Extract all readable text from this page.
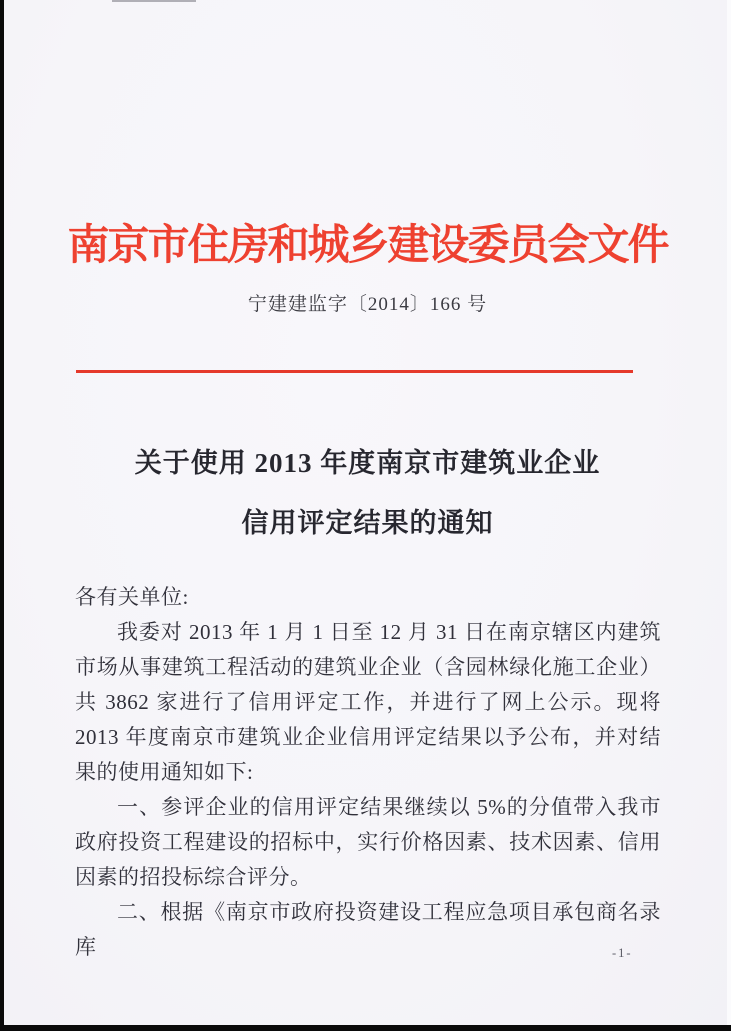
南京市住房和城乡建设委员会文件
宁建建监字〔2014〕166 号
关于使用 2013 年度南京市建筑业企业
信用评定结果的通知

各有关单位:

我委对 2013 年 1 月 1 日至 12 月 31 日在南京辖区内建筑市场从事建筑工程活动的建筑业企业（含园林绿化施工企业）共 3862 家进行了信用评定工作，并进行了网上公示。现将 2013 年度南京市建筑业企业信用评定结果以予公布，并对结果的使用通知如下:

一、参评企业的信用评定结果继续以 5%的分值带入我市政府投资工程建设的招标中，实行价格因素、技术因素、信用因素的招投标综合评分。

二、根据《南京市政府投资建设工程应急项目承包商名录库	-1-
